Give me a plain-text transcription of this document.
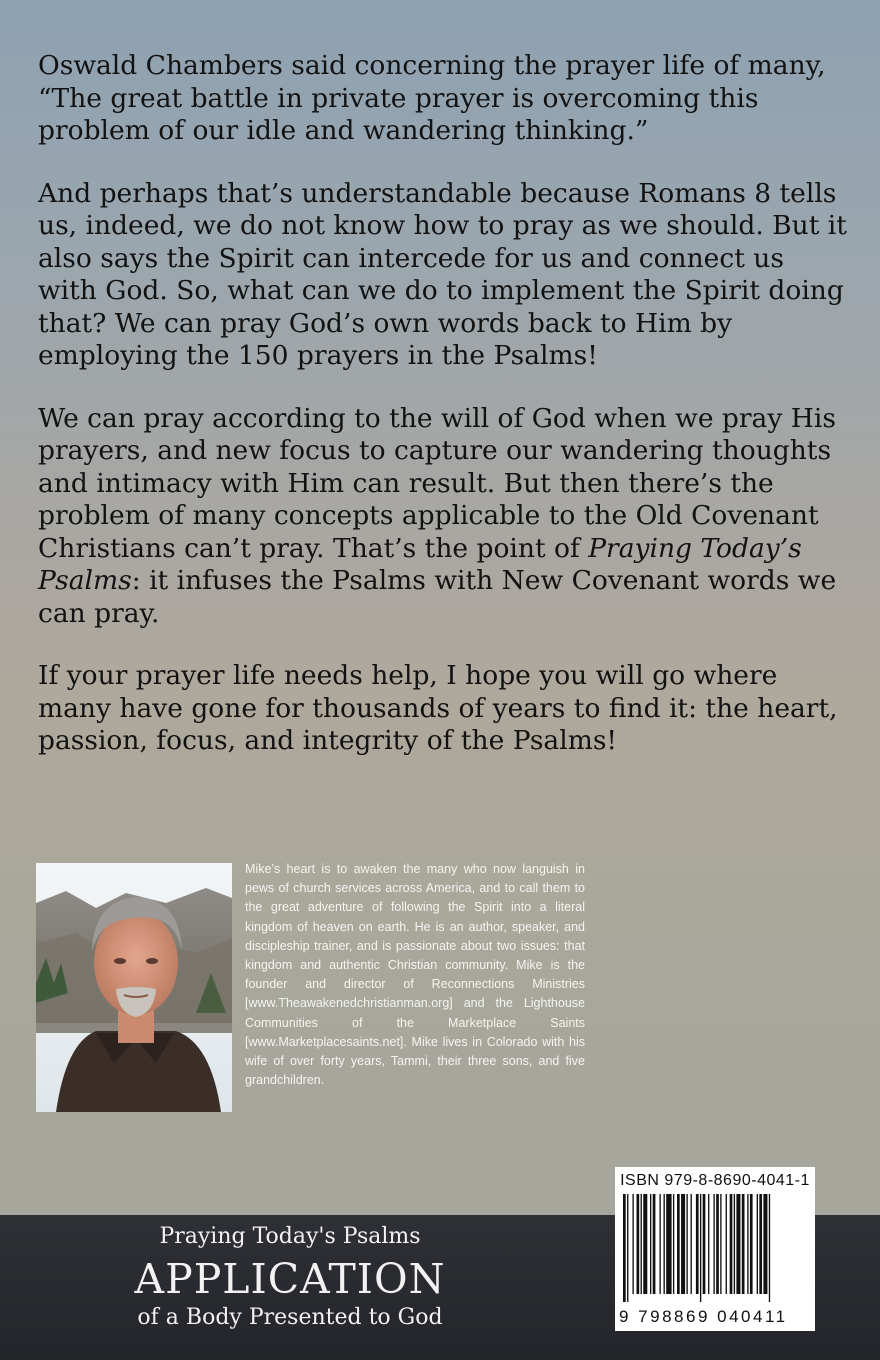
Oswald Chambers said concerning the prayer life of many, “The great battle in private prayer is overcoming this problem of our idle and wandering thinking.”

And perhaps that’s understandable because Romans 8 tells us, indeed, we do not know how to pray as we should. But it also says the Spirit can intercede for us and connect us with God. So, what can we do to implement the Spirit doing that? We can pray God’s own words back to Him by employing the 150 prayers in the Psalms!

We can pray according to the will of God when we pray His prayers, and new focus to capture our wandering thoughts and intimacy with Him can result. But then there’s the problem of many concepts applicable to the Old Covenant Christians can’t pray. That’s the point of Praying Today’s Psalms: it infuses the Psalms with New Covenant words we can pray.

If your prayer life needs help, I hope you will go where many have gone for thousands of years to find it: the heart, passion, focus, and integrity of the Psalms!

Mike’s heart is to awaken the many who now languish in pews of church services across America, and to call them to the great adventure of following the Spirit into a literal kingdom of heaven on earth. He is an author, speaker, and discipleship trainer, and is passionate about two issues: that kingdom and authentic Christian community. Mike is the founder and director of Reconnections Ministries [www.Theawakenedchristianman.org] and the Lighthouse Communities of the Marketplace Saints [www.Marketplacesaints.net]. Mike lives in Colorado with his wife of over forty years, Tammi, their three sons, and five grandchildren.
Praying Today's Psalms
APPLICATION
of a Body Presented to God
ISBN 979-8-8690-4041-1
9 798869 040411
